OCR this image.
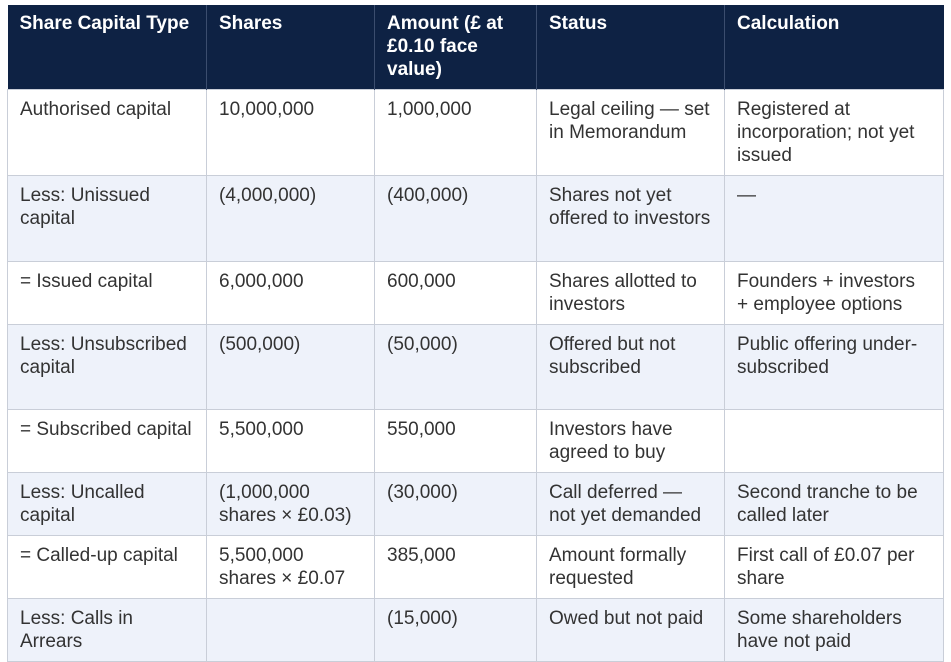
Share Capital Type	Shares	Amount (£ at £0.10 face value)	Status	Calculation
Authorised capital	10,000,000	1,000,000	Legal ceiling — set in Memorandum	Registered at incorporation; not yet issued
Less: Unissued capital	(4,000,000)	(400,000)	Shares not yet offered to investors	—
= Issued capital	6,000,000	600,000	Shares allotted to investors	Founders + investors + employee options
Less: Unsubscribed capital	(500,000)	(50,000)	Offered but not subscribed	Public offering under-subscribed
= Subscribed capital	5,500,000	550,000	Investors have agreed to buy	
Less: Uncalled capital	(1,000,000 shares × £0.03)	(30,000)	Call deferred — not yet demanded	Second tranche to be called later
= Called-up capital	5,500,000 shares × £0.07	385,000	Amount formally requested	First call of £0.07 per share
Less: Calls in Arrears		(15,000)	Owed but not paid	Some shareholders have not paid
